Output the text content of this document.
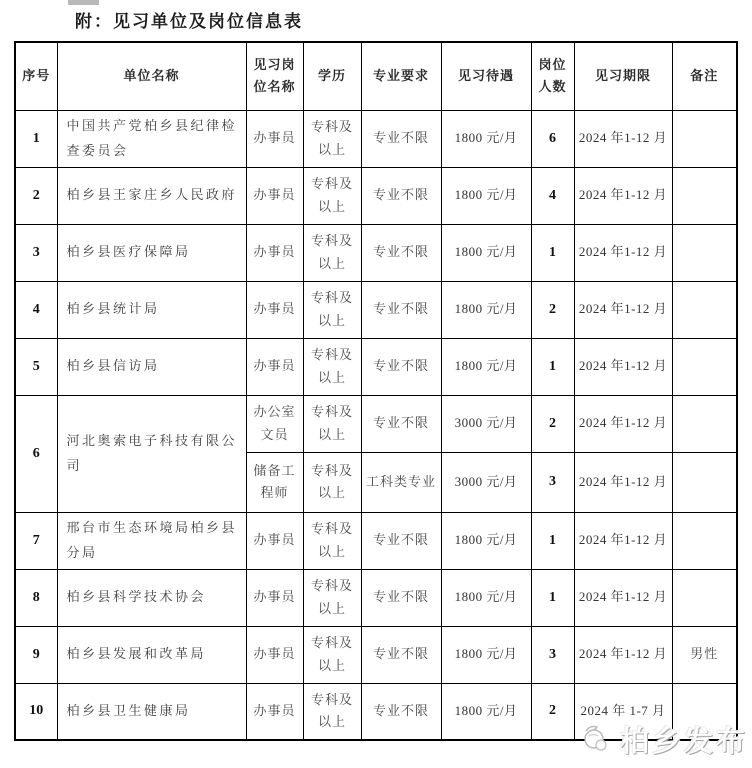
附：见习单位及岗位信息表
序号	单位名称	见习岗位名称	学历	专业要求	见习待遇	岗位人数	见习期限	备注
1	中国共产党柏乡县纪律检查委员会	办事员	专科及以上	专业不限	1800 元/月	6	2024 年1-12 月	
2	柏乡县王家庄乡人民政府	办事员	专科及以上	专业不限	1800 元/月	4	2024 年1-12 月	
3	柏乡县医疗保障局	办事员	专科及以上	专业不限	1800 元/月	1	2024 年1-12 月	
4	柏乡县统计局	办事员	专科及以上	专业不限	1800 元/月	2	2024 年1-12 月	
5	柏乡县信访局	办事员	专科及以上	专业不限	1800 元/月	1	2024 年1-12 月	
6	河北奥索电子科技有限公司	办公室文员	专科及以上	专业不限	3000 元/月	2	2024 年1-12 月	
		储备工程师	专科及以上	工科类专业	3000 元/月	3	2024 年1-12 月	
7	邢台市生态环境局柏乡县分局	办事员	专科及以上	专业不限	1800 元/月	1	2024 年1-12 月	
8	柏乡县科学技术协会	办事员	专科及以上	专业不限	1800 元/月	1	2024 年1-12 月	
9	柏乡县发展和改革局	办事员	专科及以上	专业不限	1800 元/月	3	2024 年1-12 月	男性
10	柏乡县卫生健康局	办事员	专科及以上	专业不限	1800 元/月	2	2024 年 1-7 月	
柏乡发布
